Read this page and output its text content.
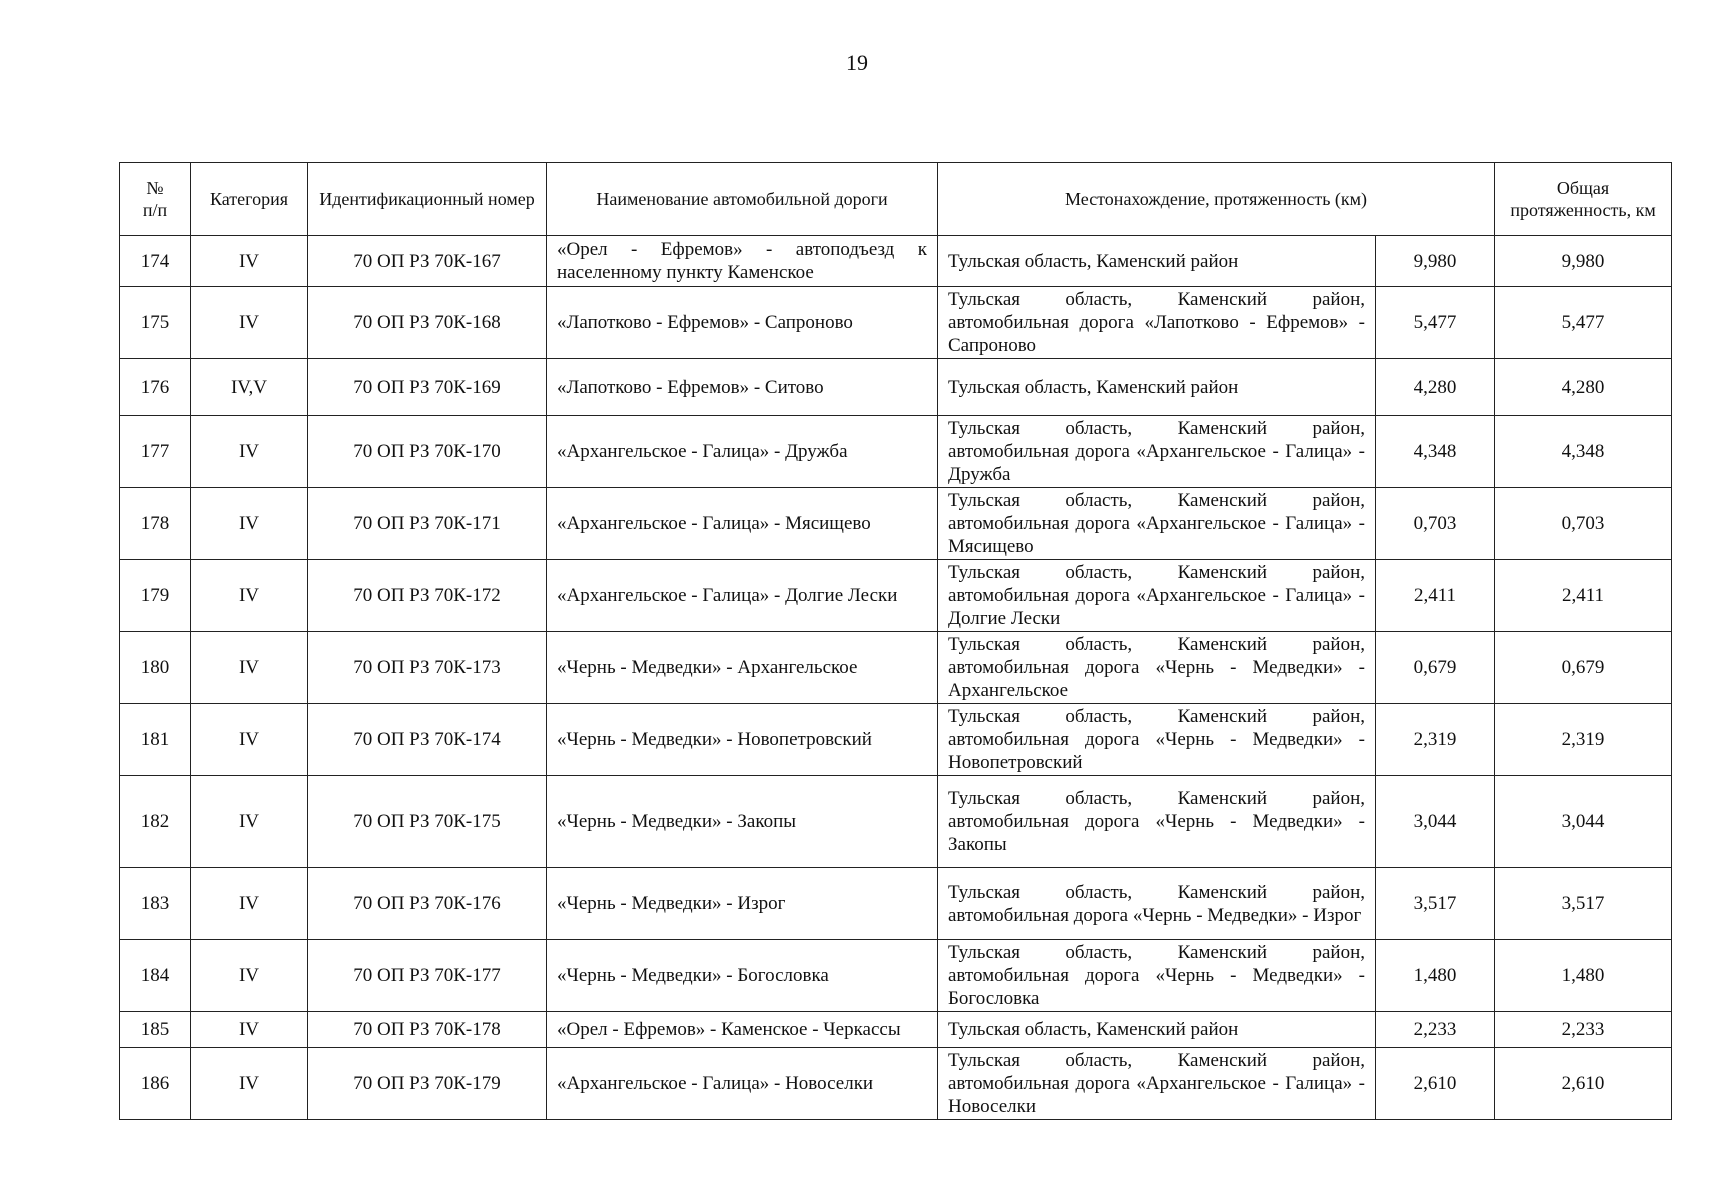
19
№
п/п	Категория	Идентификационный номер	Наименование автомобильной дороги	Местонахождение, протяженность (км)		Общая протяженность, км
174	IV	70 ОП РЗ 70К-167	«Орел - Ефремов» - автоподъезд к населенному пункту Каменское	Тульская область, Каменский район	9,980	9,980
175	IV	70 ОП РЗ 70К-168	«Лапотково - Ефремов» - Сапроново	Тульская область, Каменский район, автомобильная дорога «Лапотково - Ефремов» - Сапроново	5,477	5,477
176	IV,V	70 ОП РЗ 70К-169	«Лапотково - Ефремов» - Ситово	Тульская область, Каменский район	4,280	4,280
177	IV	70 ОП РЗ 70К-170	«Архангельское - Галица» - Дружба	Тульская область, Каменский район, автомобильная дорога «Архангельское - Галица» - Дружба	4,348	4,348
178	IV	70 ОП РЗ 70К-171	«Архангельское - Галица» - Мясищево	Тульская область, Каменский район, автомобильная дорога «Архангельское - Галица» - Мясищево	0,703	0,703
179	IV	70 ОП РЗ 70К-172	«Архангельское - Галица» - Долгие Лески	Тульская область, Каменский район, автомобильная дорога «Архангельское - Галица» - Долгие Лески	2,411	2,411
180	IV	70 ОП РЗ 70К-173	«Чернь - Медведки» - Архангельское	Тульская область, Каменский район, автомобильная дорога «Чернь - Медведки» - Архангельское	0,679	0,679
181	IV	70 ОП РЗ 70К-174	«Чернь - Медведки» - Новопетровский	Тульская область, Каменский район, автомобильная дорога «Чернь - Медведки» - Новопетровский	2,319	2,319
182	IV	70 ОП РЗ 70К-175	«Чернь - Медведки» - Закопы	Тульская область, Каменский район, автомобильная дорога «Чернь - Медведки» - Закопы	3,044	3,044
183	IV	70 ОП РЗ 70К-176	«Чернь - Медведки» - Изрог	Тульская область, Каменский район, автомобильная дорога «Чернь - Медведки» - Изрог	3,517	3,517
184	IV	70 ОП РЗ 70К-177	«Чернь - Медведки» - Богословка	Тульская область, Каменский район, автомобильная дорога «Чернь - Медведки» - Богословка	1,480	1,480
185	IV	70 ОП РЗ 70К-178	«Орел - Ефремов» - Каменское - Черкассы	Тульская область, Каменский район	2,233	2,233
186	IV	70 ОП РЗ 70К-179	«Архангельское - Галица» - Новоселки	Тульская область, Каменский район, автомобильная дорога «Архангельское - Галица» - Новоселки	2,610	2,610
